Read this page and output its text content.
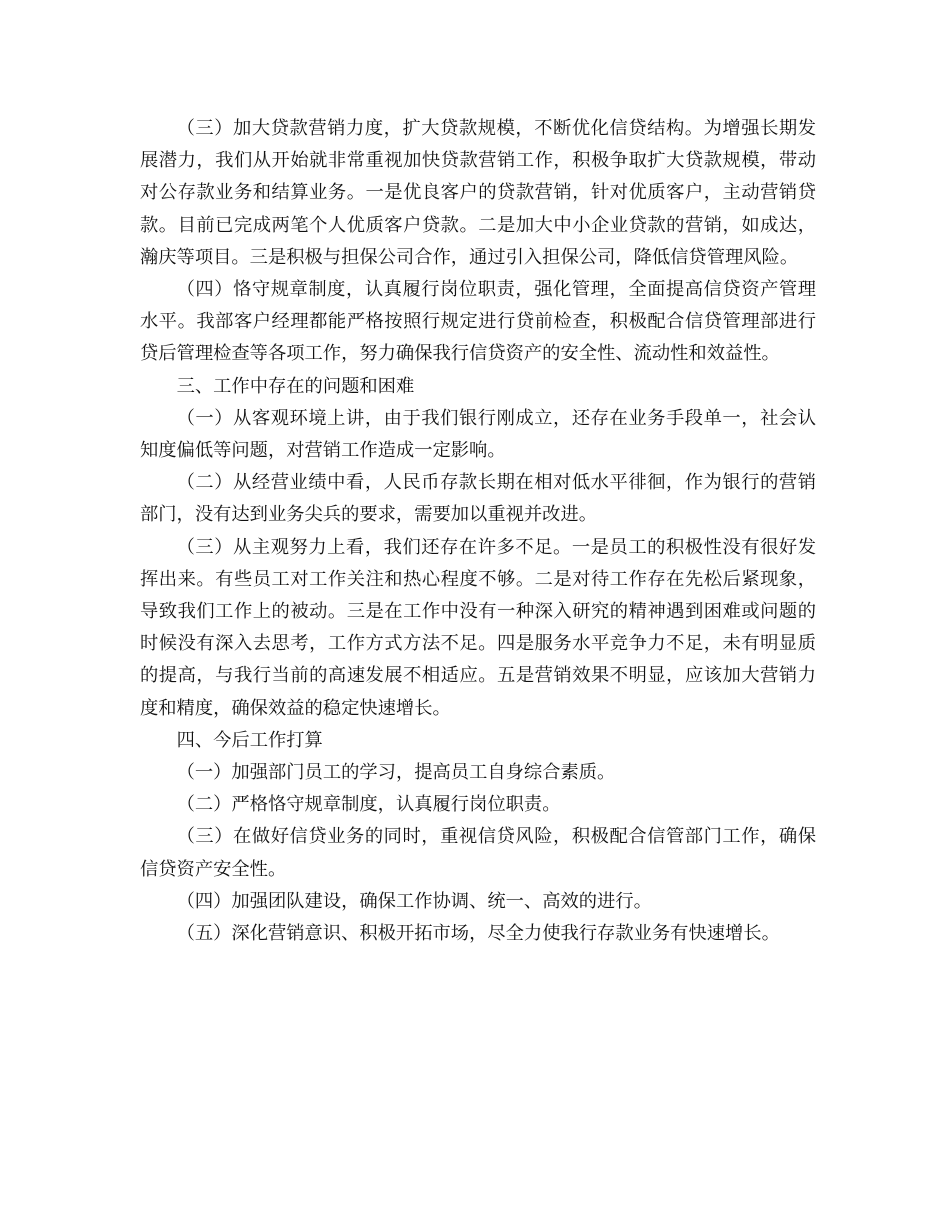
（三）加大贷款营销力度，扩大贷款规模，不断优化信贷结构。为增强长期发展潜力，我们从开始就非常重视加快贷款营销工作，积极争取扩大贷款规模，带动对公存款业务和结算业务。一是优良客户的贷款营销，针对优质客户，主动营销贷款。目前已完成两笔个人优质客户贷款。二是加大中小企业贷款的营销，如成达，瀚庆等项目。三是积极与担保公司合作，通过引入担保公司，降低信贷管理风险。

（四）恪守规章制度，认真履行岗位职责，强化管理，全面提高信贷资产管理水平。我部客户经理都能严格按照行规定进行贷前检查，积极配合信贷管理部进行贷后管理检查等各项工作，努力确保我行信贷资产的安全性、流动性和效益性。

三、工作中存在的问题和困难

（一）从客观环境上讲，由于我们银行刚成立，还存在业务手段单一，社会认知度偏低等问题，对营销工作造成一定影响。

（二）从经营业绩中看，人民币存款长期在相对低水平徘徊，作为银行的营销部门，没有达到业务尖兵的要求，需要加以重视并改进。

（三）从主观努力上看，我们还存在许多不足。一是员工的积极性没有很好发挥出来。有些员工对工作关注和热心程度不够。二是对待工作存在先松后紧现象，导致我们工作上的被动。三是在工作中没有一种深入研究的精神遇到困难或问题的时候没有深入去思考，工作方式方法不足。四是服务水平竞争力不足，未有明显质的提高，与我行当前的高速发展不相适应。五是营销效果不明显，应该加大营销力度和精度，确保效益的稳定快速增长。

四、今后工作打算

（一）加强部门员工的学习，提高员工自身综合素质。

（二）严格恪守规章制度，认真履行岗位职责。

（三）在做好信贷业务的同时，重视信贷风险，积极配合信管部门工作，确保信贷资产安全性。

（四）加强团队建设，确保工作协调、统一、高效的进行。

（五）深化营销意识、积极开拓市场，尽全力使我行存款业务有快速增长。
